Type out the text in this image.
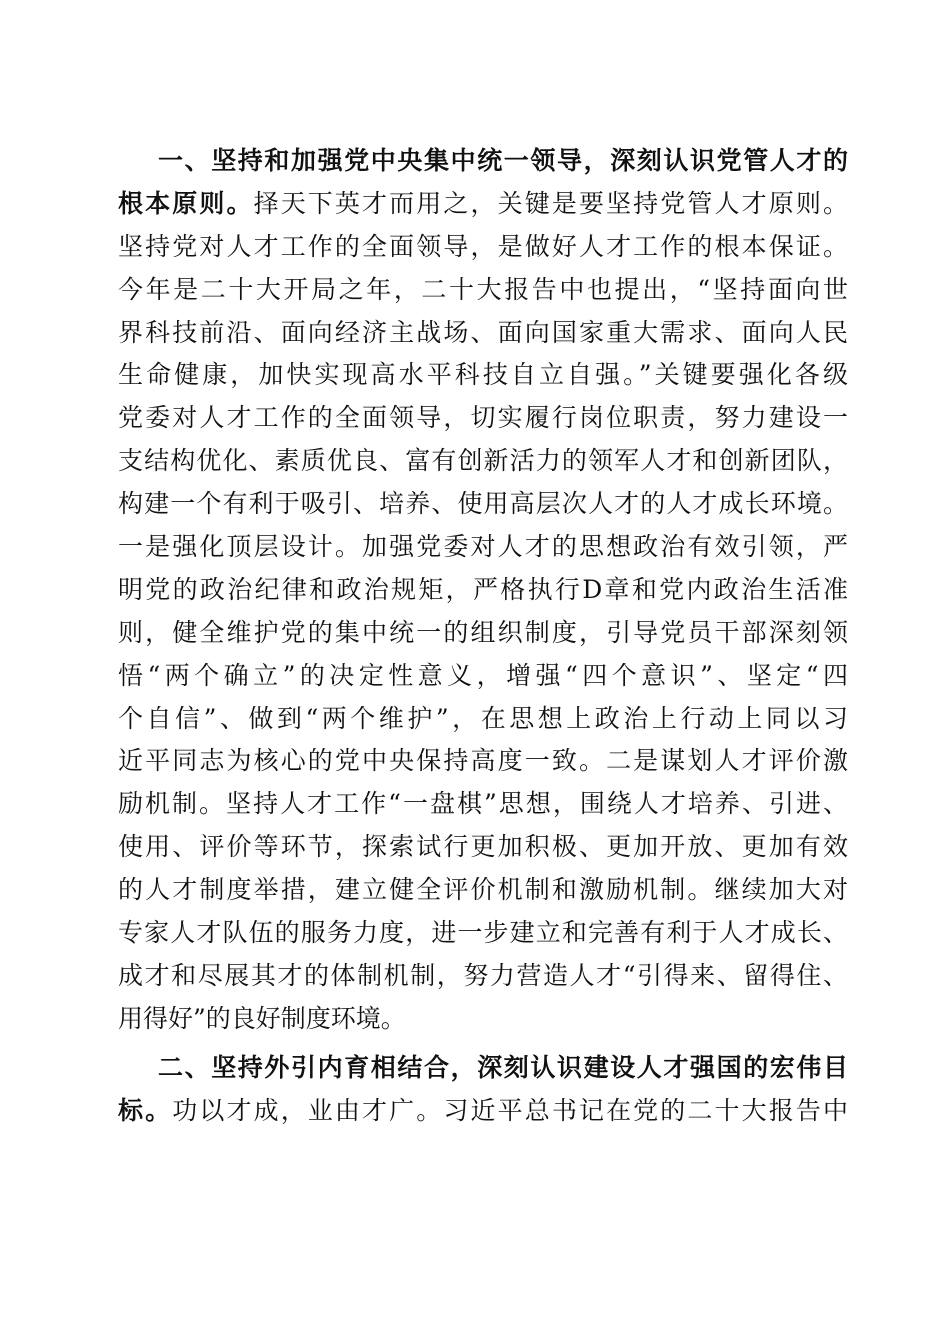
一、坚持和加强党中央集中统一领导，深刻认识党管人才的
根本原则。择天下英才而用之，关键是要坚持党管人才原则。
坚持党对人才工作的全面领导，是做好人才工作的根本保证。
今年是二十大开局之年，二十大报告中也提出，“坚持面向世
界科技前沿、面向经济主战场、面向国家重大需求、面向人民
生命健康，加快实现高水平科技自立自强。”关键要强化各级
党委对人才工作的全面领导，切实履行岗位职责，努力建设一
支结构优化、素质优良、富有创新活力的领军人才和创新团队，
构建一个有利于吸引、培养、使用高层次人才的人才成长环境。
一是强化顶层设计。加强党委对人才的思想政治有效引领，严
明党的政治纪律和政治规矩，严格执行D章和党内政治生活准
则，健全维护党的集中统一的组织制度，引导党员干部深刻领
悟“两个确立”的决定性意义，增强“四个意识”、坚定“四
个自信”、做到“两个维护”，在思想上政治上行动上同以习
近平同志为核心的党中央保持高度一致。二是谋划人才评价激
励机制。坚持人才工作“一盘棋”思想，围绕人才培养、引进、
使用、评价等环节，探索试行更加积极、更加开放、更加有效
的人才制度举措，建立健全评价机制和激励机制。继续加大对
专家人才队伍的服务力度，进一步建立和完善有利于人才成长、
成才和尽展其才的体制机制，努力营造人才“引得来、留得住、
用得好”的良好制度环境。
二、坚持外引内育相结合，深刻认识建设人才强国的宏伟目
标。功以才成，业由才广。习近平总书记在党的二十大报告中
